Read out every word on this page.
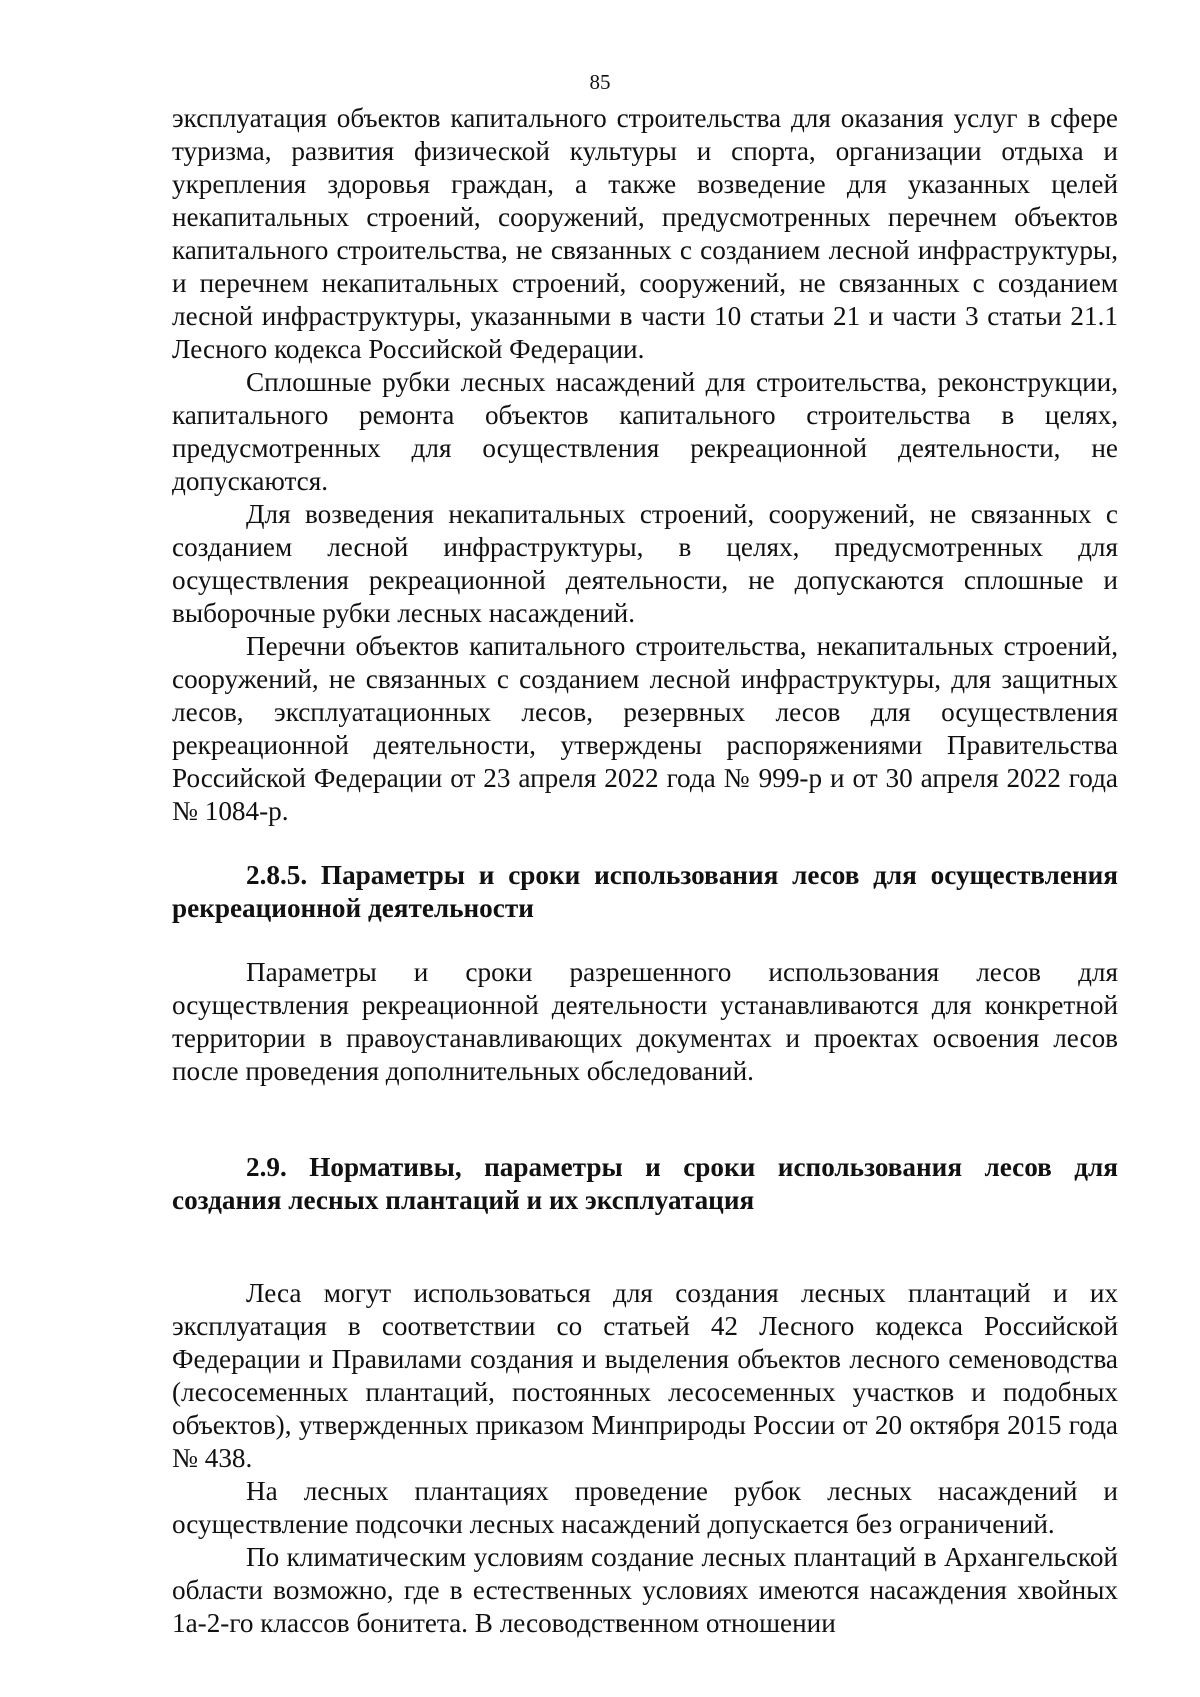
85

эксплуатация объектов капитального строительства для оказания услуг в сфере туризма, развития физической культуры и спорта, организации отдыха и укрепления здоровья граждан, а также возведение для указанных целей некапитальных строений, сооружений, предусмотренных перечнем объектов капитального строительства, не связанных с созданием лесной инфраструктуры, и перечнем некапитальных строений, сооружений, не связанных с созданием лесной инфраструктуры, указанными в части 10 статьи 21 и части 3 статьи 21.1 Лесного кодекса Российской Федерации.

Сплошные рубки лесных насаждений для строительства, реконструкции, капитального ремонта объектов капитального строительства в целях, предусмотренных для осуществления рекреационной деятельности, не допускаются.

Для возведения некапитальных строений, сооружений, не связанных с созданием лесной инфраструктуры, в целях, предусмотренных для осуществления рекреационной деятельности, не допускаются сплошные и выборочные рубки лесных насаждений.

Перечни объектов капитального строительства, некапитальных строений, сооружений, не связанных с созданием лесной инфраструктуры, для защитных лесов, эксплуатационных лесов, резервных лесов для осуществления рекреационной деятельности, утверждены распоряжениями Правительства Российской Федерации от 23 апреля 2022 года № 999-р и от 30 апреля 2022 года № 1084-р.

2.8.5. Параметры и сроки использования лесов для осуществления рекреационной деятельности

Параметры и сроки разрешенного использования лесов для осуществления рекреационной деятельности устанавливаются для конкретной территории в правоустанавливающих документах и проектах освоения лесов после проведения дополнительных обследований.

2.9. Нормативы, параметры и сроки использования лесов для создания лесных плантаций и их эксплуатация

Леса могут использоваться для создания лесных плантаций и их эксплуатация в соответствии со статьей 42 Лесного кодекса Российской Федерации и Правилами создания и выделения объектов лесного семеноводства (лесосеменных плантаций, постоянных лесосеменных участков и подобных объектов), утвержденных приказом Минприроды России от 20 октября 2015 года № 438.

На лесных плантациях проведение рубок лесных насаждений и осуществление подсочки лесных насаждений допускается без ограничений.

По климатическим условиям создание лесных плантаций в Архангельской области возможно, где в естественных условиях имеются насаждения хвойных 1а-2-го классов бонитета. В лесоводственном отношении
